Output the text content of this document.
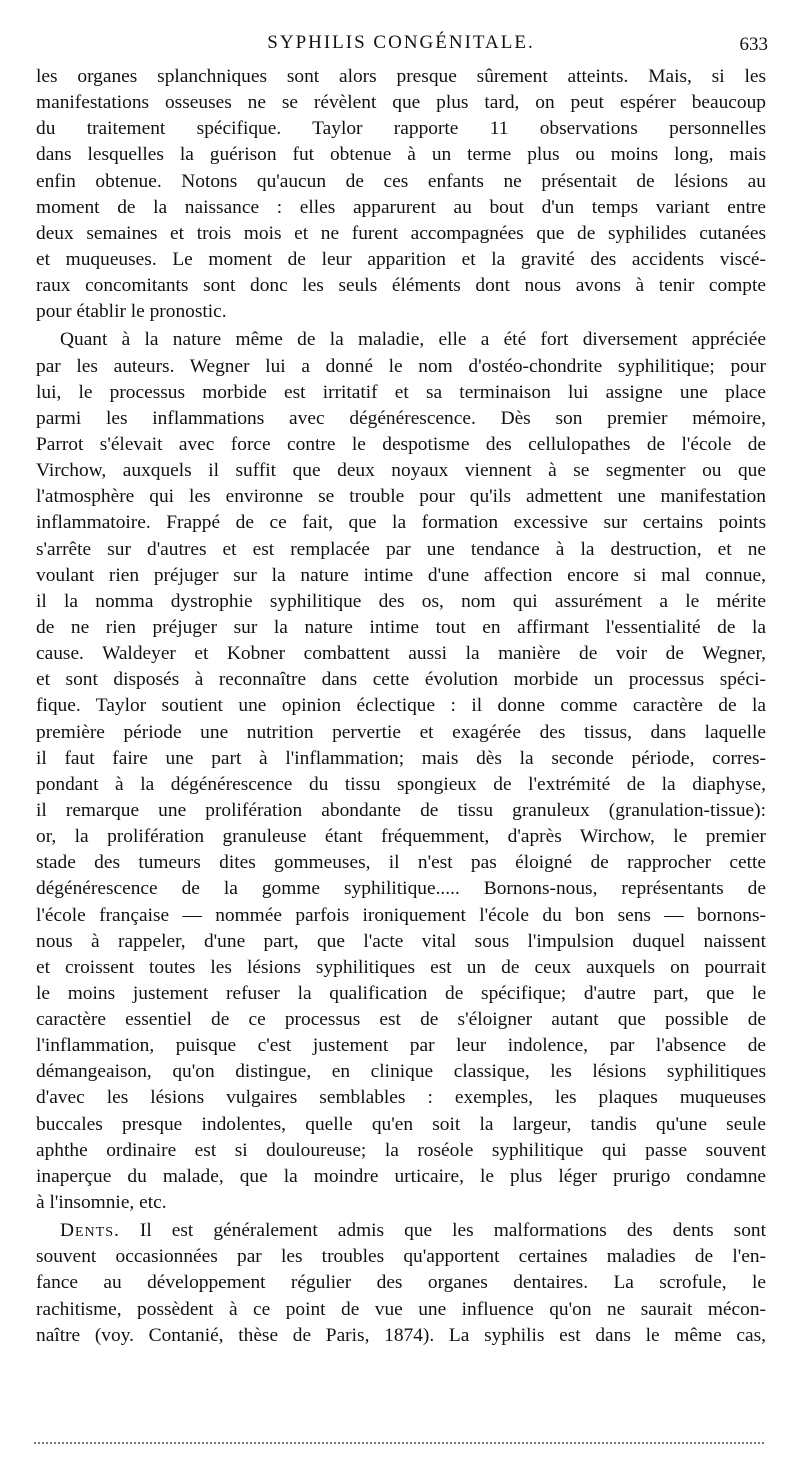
SYPHILIS CONGÉNITALE.	633
les organes splanchniques sont alors presque sûrement atteints. Mais, si les
manifestations osseuses ne se révèlent que plus tard, on peut espérer beaucoup
du traitement spécifique. Taylor rapporte 11 observations personnelles
dans lesquelles la guérison fut obtenue à un terme plus ou moins long, mais
enfin obtenue. Notons qu'aucun de ces enfants ne présentait de lésions au
moment de la naissance : elles apparurent au bout d'un temps variant entre
deux semaines et trois mois et ne furent accompagnées que de syphilides cutanées
et muqueuses. Le moment de leur apparition et la gravité des accidents viscé-
raux concomitants sont donc les seuls éléments dont nous avons à tenir compte
pour établir le pronostic.
Quant à la nature même de la maladie, elle a été fort diversement appréciée
par les auteurs. Wegner lui a donné le nom d'ostéo-chondrite syphilitique; pour
lui, le processus morbide est irritatif et sa terminaison lui assigne une place
parmi les inflammations avec dégénérescence. Dès son premier mémoire,
Parrot s'élevait avec force contre le despotisme des cellulopathes de l'école de
Virchow, auxquels il suffit que deux noyaux viennent à se segmenter ou que
l'atmosphère qui les environne se trouble pour qu'ils admettent une manifestation
inflammatoire. Frappé de ce fait, que la formation excessive sur certains points
s'arrête sur d'autres et est remplacée par une tendance à la destruction, et ne
voulant rien préjuger sur la nature intime d'une affection encore si mal connue,
il la nomma dystrophie syphilitique des os, nom qui assurément a le mérite
de ne rien préjuger sur la nature intime tout en affirmant l'essentialité de la
cause. Waldeyer et Kobner combattent aussi la manière de voir de Wegner,
et sont disposés à reconnaître dans cette évolution morbide un processus spéci-
fique. Taylor soutient une opinion éclectique : il donne comme caractère de la
première période une nutrition pervertie et exagérée des tissus, dans laquelle
il faut faire une part à l'inflammation; mais dès la seconde période, corres-
pondant à la dégénérescence du tissu spongieux de l'extrémité de la diaphyse,
il remarque une prolifération abondante de tissu granuleux (granulation-tissue):
or, la prolifération granuleuse étant fréquemment, d'après Wirchow, le premier
stade des tumeurs dites gommeuses, il n'est pas éloigné de rapprocher cette
dégénérescence de la gomme syphilitique..... Bornons-nous, représentants de
l'école française — nommée parfois ironiquement l'école du bon sens — bornons-
nous à rappeler, d'une part, que l'acte vital sous l'impulsion duquel naissent
et croissent toutes les lésions syphilitiques est un de ceux auxquels on pourrait
le moins justement refuser la qualification de spécifique; d'autre part, que le
caractère essentiel de ce processus est de s'éloigner autant que possible de
l'inflammation, puisque c'est justement par leur indolence, par l'absence de
démangeaison, qu'on distingue, en clinique classique, les lésions syphilitiques
d'avec les lésions vulgaires semblables : exemples, les plaques muqueuses
buccales presque indolentes, quelle qu'en soit la largeur, tandis qu'une seule
aphthe ordinaire est si douloureuse; la roséole syphilitique qui passe souvent
inaperçue du malade, que la moindre urticaire, le plus léger prurigo condamne
à l'insomnie, etc.
Dents. Il est généralement admis que les malformations des dents sont
souvent occasionnées par les troubles qu'apportent certaines maladies de l'en-
fance au développement régulier des organes dentaires. La scrofule, le
rachitisme, possèdent à ce point de vue une influence qu'on ne saurait mécon-
naître (voy. Contanié, thèse de Paris, 1874). La syphilis est dans le même cas,
